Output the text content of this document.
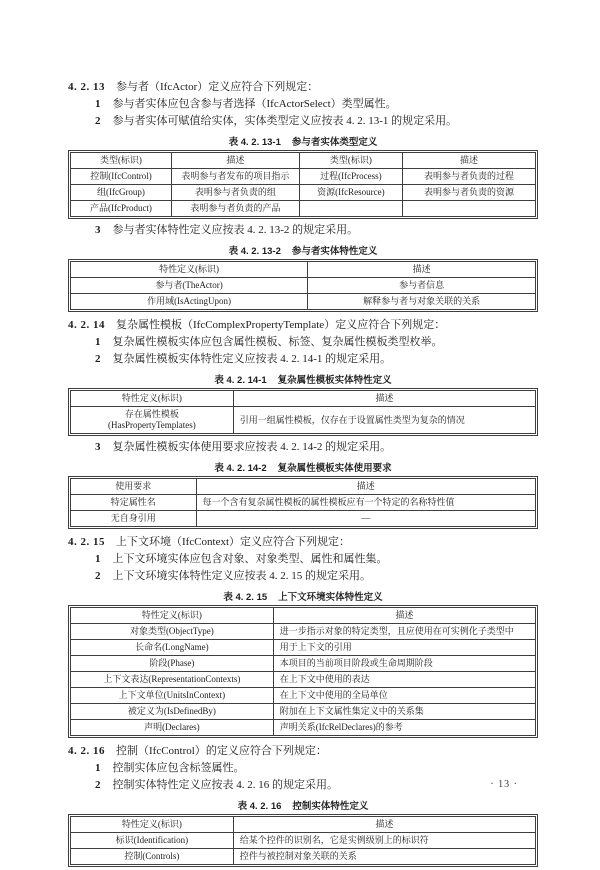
4. 2. 13 参与者（IfcActor）定义应符合下列规定：

1 参与者实体应包含参与者选择（IfcActorSelect）类型属性。

2 参与者实体可赋值给实体，实体类型定义应按表 4. 2. 13-1 的规定采用。

表 4. 2. 13-1 参与者实体类型定义

类型(标识)	描述	类型(标识)	描述
控制(IfcControl)	表明参与者发布的项目指示	过程(IfcProcess)	表明参与者负责的过程
组(IfcGroup)	表明参与者负责的组	资源(IfcResource)	表明参与者负责的资源
产品(IfcProduct)	表明参与者负责的产品		

3 参与者实体特性定义应按表 4. 2. 13-2 的规定采用。

表 4. 2. 13-2 参与者实体特性定义

特性定义(标识)	描述
参与者(TheActor)	参与者信息
作用域(IsActingUpon)	解释参与者与对象关联的关系

4. 2. 14 复杂属性模板（IfcComplexPropertyTemplate）定义应符合下列规定：

1 复杂属性模板实体应包含属性模板、标签、复杂属性模板类型枚举。

2 复杂属性模板实体特性定义应按表 4. 2. 14-1 的规定采用。

表 4. 2. 14-1 复杂属性模板实体特性定义

特性定义(标识)	描述
存在属性模板
(HasPropertyTemplates)	引用一组属性模板，仅存在于设置属性类型为复杂的情况

3 复杂属性模板实体使用要求应按表 4. 2. 14-2 的规定采用。

表 4. 2. 14-2 复杂属性模板实体使用要求

使用要求	描述
特定属性名	每一个含有复杂属性模板的属性模板应有一个特定的名称特性值
无自身引用	—

4. 2. 15 上下文环境（IfcContext）定义应符合下列规定：

1 上下文环境实体应包含对象、对象类型、属性和属性集。

2 上下文环境实体特性定义应按表 4. 2. 15 的规定采用。

表 4. 2. 15 上下文环境实体特性定义

特性定义(标识)	描述
对象类型(ObjectType)	进一步指示对象的特定类型，且应使用在可实例化子类型中
长命名(LongName)	用于上下文的引用
阶段(Phase)	本项目的当前项目阶段或生命周期阶段
上下文表达(RepresentationContexts)	在上下文中使用的表达
上下文单位(UnitsInContext)	在上下文中使用的全局单位
被定义为(IsDefinedBy)	附加在上下文属性集定义中的关系集
声明(Declares)	声明关系(IfcRelDeclares)的参考

4. 2. 16 控制（IfcControl）的定义应符合下列规定：

1 控制实体应包含标签属性。

2 控制实体特性定义应按表 4. 2. 16 的规定采用。

表 4. 2. 16 控制实体特性定义

特性定义(标识)	描述
标识(Identification)	给某个控件的识别名，它是实例级别上的标识符
控制(Controls)	控件与被控制对象关联的关系
· 13 ·
